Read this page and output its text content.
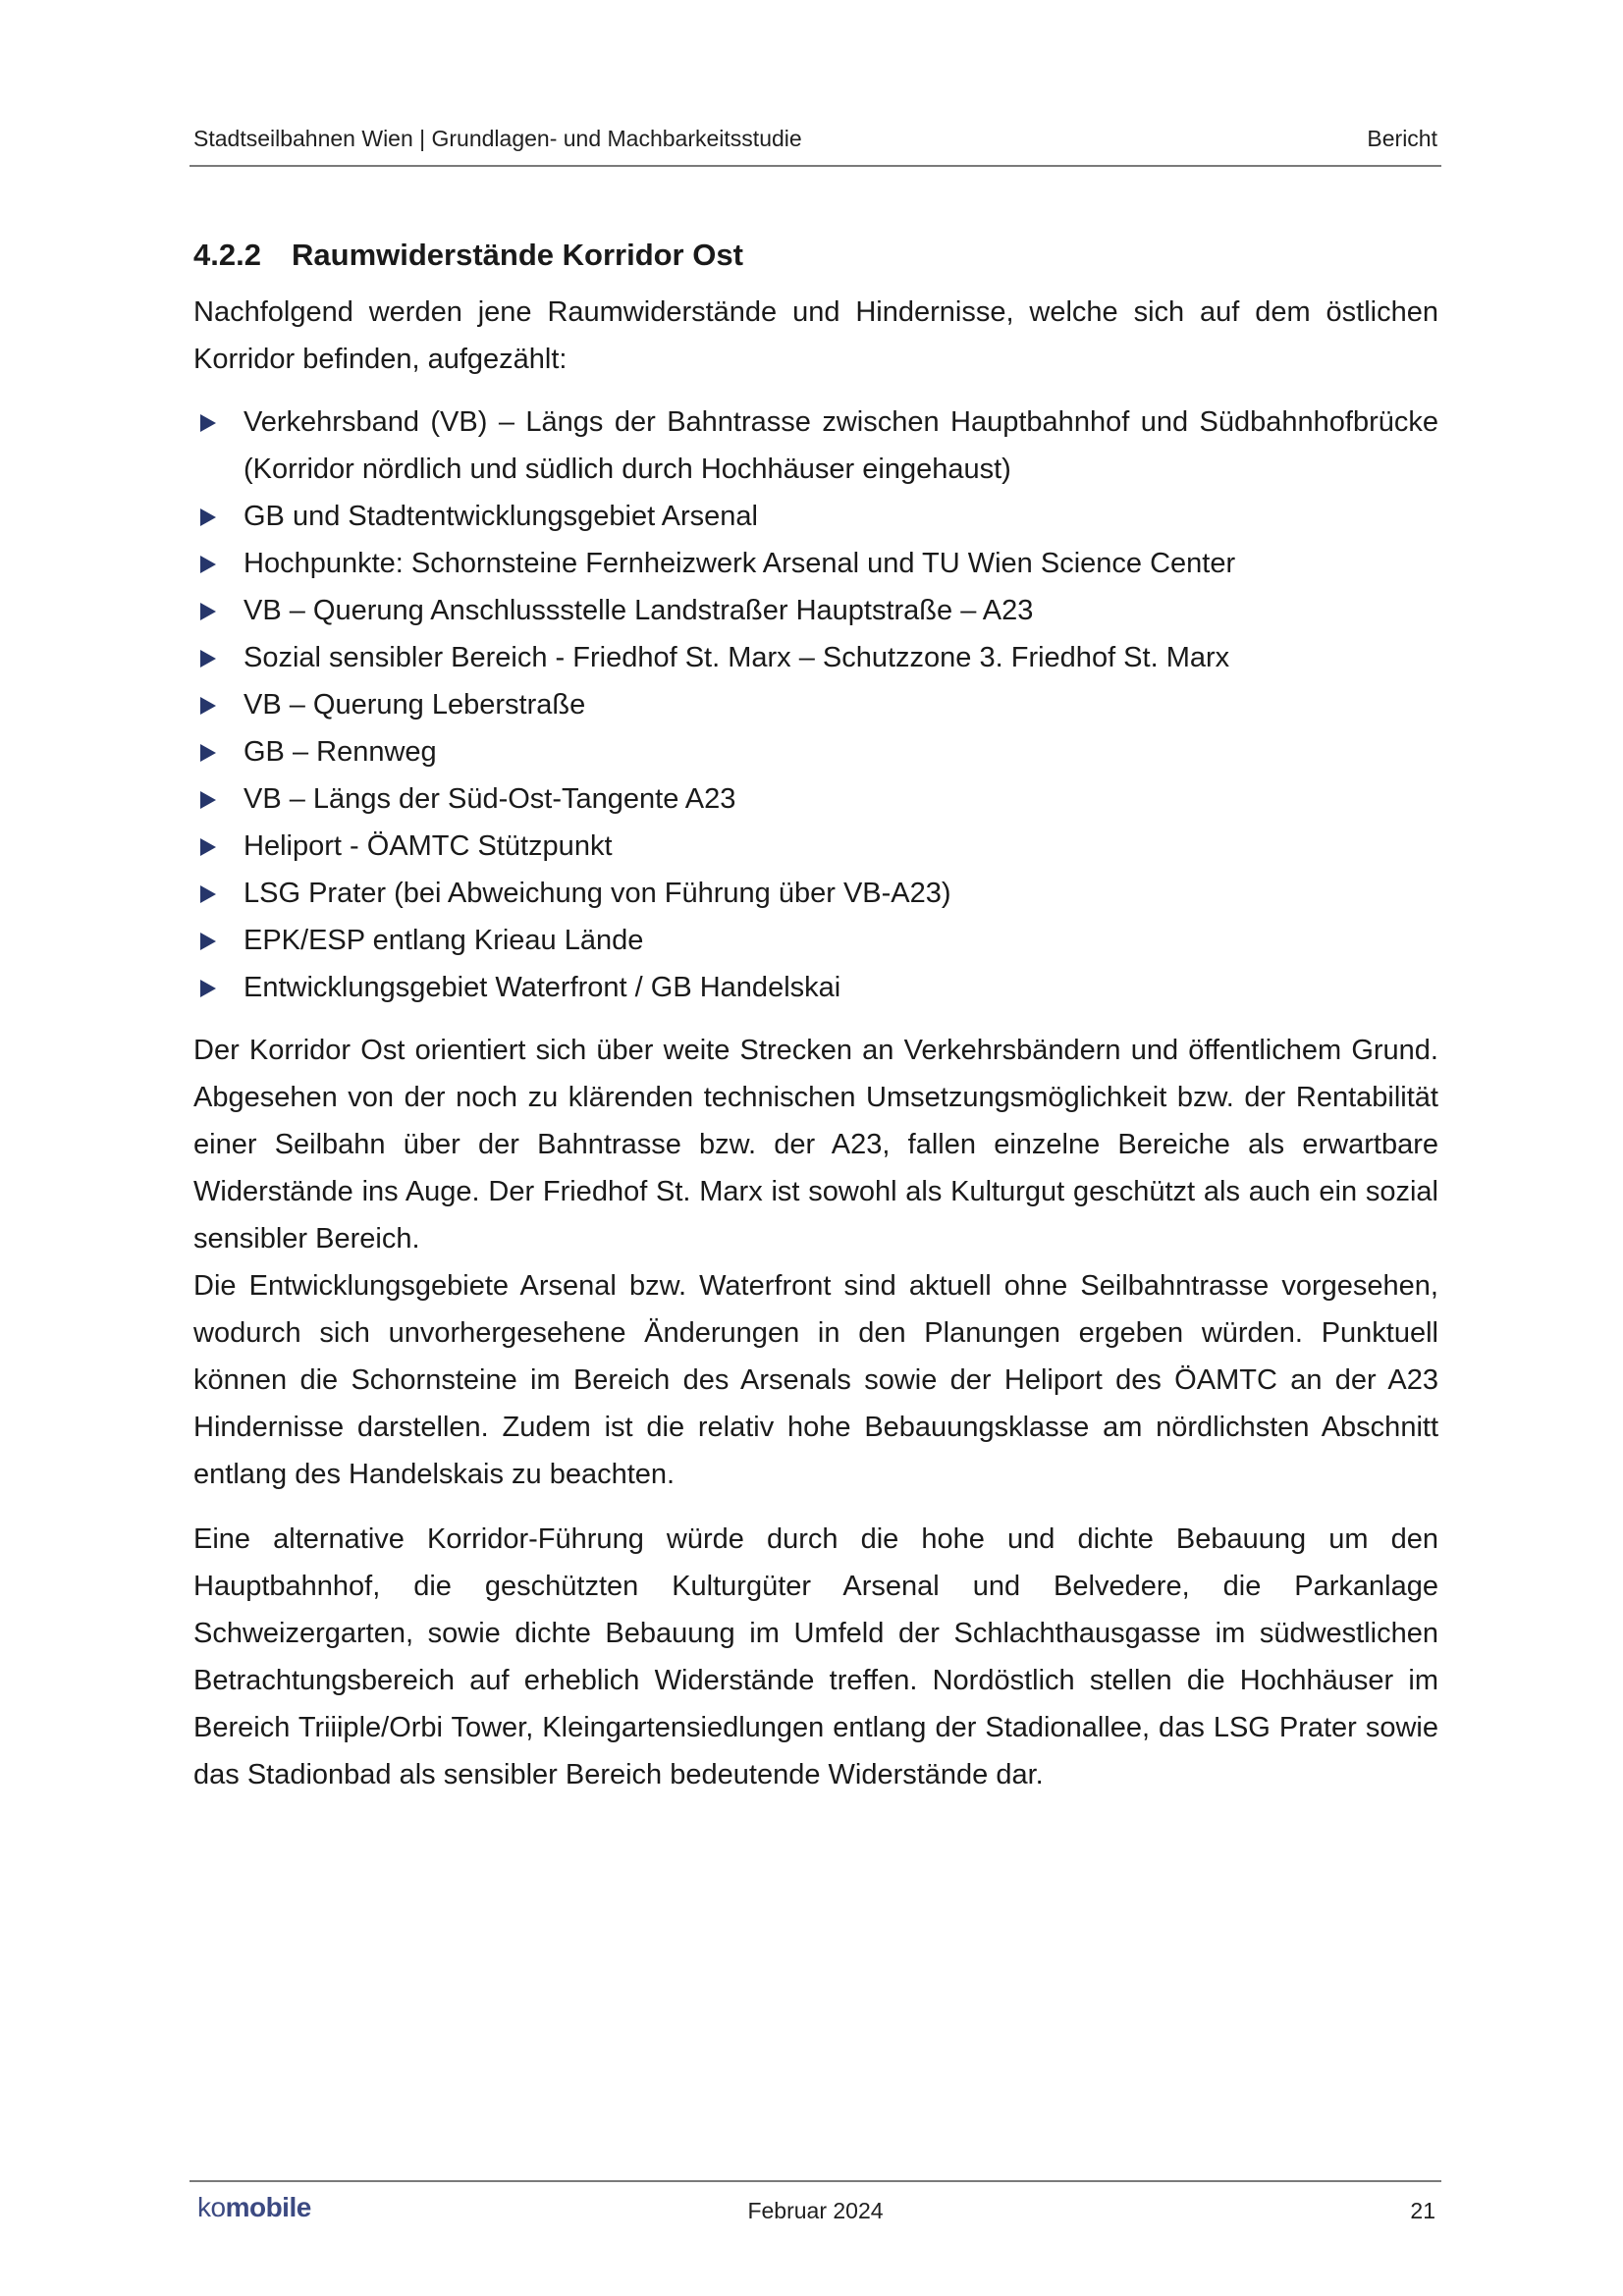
Stadtseilbahnen Wien | Grundlagen- und Machbarkeitsstudie	Bericht
4.2.2 Raumwiderstände Korridor Ost

Nachfolgend werden jene Raumwiderstände und Hindernisse, welche sich auf dem östlichen Korridor befinden, aufgezählt:

Verkehrsband (VB) – Längs der Bahntrasse zwischen Hauptbahnhof und Südbahnhofbrücke (Korridor nördlich und südlich durch Hochhäuser eingehaust)
GB und Stadtentwicklungsgebiet Arsenal
Hochpunkte: Schornsteine Fernheizwerk Arsenal und TU Wien Science Center
VB – Querung Anschlussstelle Landstraßer Hauptstraße – A23
Sozial sensibler Bereich - Friedhof St. Marx – Schutzzone 3. Friedhof St. Marx
VB – Querung Leberstraße
GB – Rennweg
VB – Längs der Süd-Ost-Tangente A23
Heliport - ÖAMTC Stützpunkt
LSG Prater (bei Abweichung von Führung über VB-A23)
EPK/ESP entlang Krieau Lände
Entwicklungsgebiet Waterfront / GB Handelskai

Der Korridor Ost orientiert sich über weite Strecken an Verkehrsbändern und öffentlichem Grund. Abgesehen von der noch zu klärenden technischen Umsetzungsmöglichkeit bzw. der Rentabilität einer Seilbahn über der Bahntrasse bzw. der A23, fallen einzelne Bereiche als erwartbare Widerstände ins Auge. Der Friedhof St. Marx ist sowohl als Kulturgut geschützt als auch ein sozial sensibler Bereich.

Die Entwicklungsgebiete Arsenal bzw. Waterfront sind aktuell ohne Seilbahntrasse vorgesehen, wodurch sich unvorhergesehene Änderungen in den Planungen ergeben würden. Punktuell können die Schornsteine im Bereich des Arsenals sowie der Heliport des ÖAMTC an der A23 Hindernisse darstellen. Zudem ist die relativ hohe Bebauungsklasse am nördlichsten Abschnitt entlang des Handelskais zu beachten.

Eine alternative Korridor-Führung würde durch die hohe und dichte Bebauung um den Hauptbahnhof, die geschützten Kulturgüter Arsenal und Belvedere, die Parkanlage Schweizergarten, sowie dichte Bebauung im Umfeld der Schlachthausgasse im südwestlichen Betrachtungsbereich auf erheblich Widerstände treffen. Nordöstlich stellen die Hochhäuser im Bereich Triiiple/Orbi Tower, Kleingartensiedlungen entlang der Stadionallee, das LSG Prater sowie das Stadionbad als sensibler Bereich bedeutende Widerstände dar.

komobile	Februar 2024	21
